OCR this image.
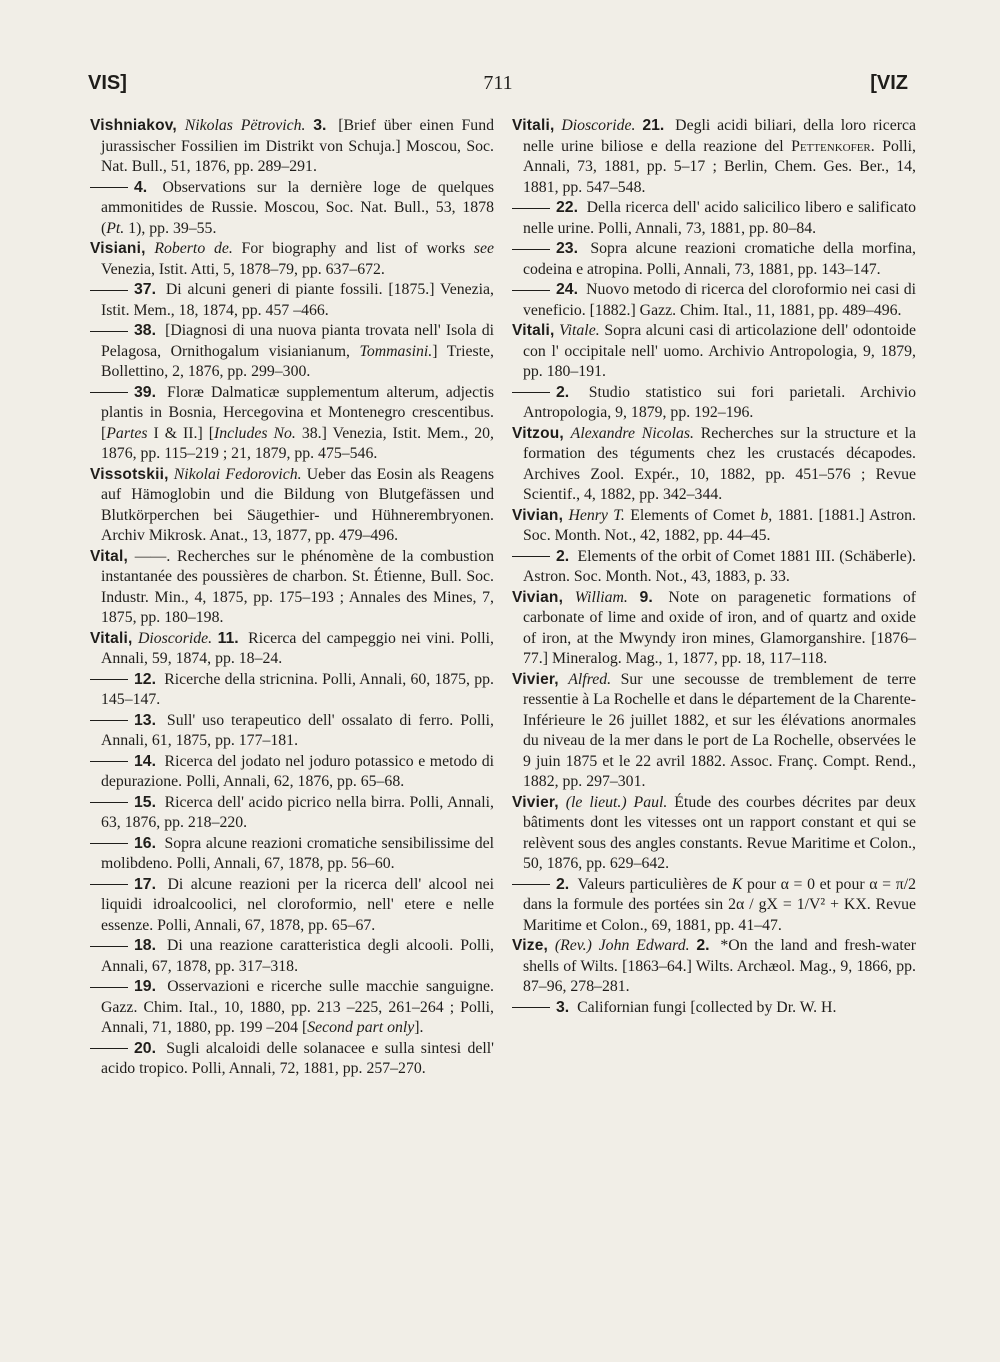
VIS]	711	[VIZ

Vishniakov, Nikolas Pëtrovich. 3. [Brief über einen Fund jurassischer Fossilien im Distrikt von Schuja.] Moscou, Soc. Nat. Bull., 51, 1876, pp. 289–291.

4. Observations sur la dernière loge de quelques ammonitides de Russie. Moscou, Soc. Nat. Bull., 53, 1878 (Pt. 1), pp. 39–55.

Visiani, Roberto de. For biography and list of works see Venezia, Istit. Atti, 5, 1878–79, pp. 637–672.

37. Di alcuni generi di piante fossili. [1875.] Venezia, Istit. Mem., 18, 1874, pp. 457 –466.

38. [Diagnosi di una nuova pianta trovata nell' Isola di Pelagosa, Ornithogalum visianianum, Tommasini.] Trieste, Bollettino, 2, 1876, pp. 299–300.

39. Floræ Dalmaticæ supplementum alterum, adjectis plantis in Bosnia, Hercegovina et Montenegro crescentibus. [Partes I & II.] [Includes No. 38.] Venezia, Istit. Mem., 20, 1876, pp. 115–219 ; 21, 1879, pp. 475–546.

Vissotskii, Nikolai Fedorovich. Ueber das Eosin als Reagens auf Hämoglobin und die Bildung von Blutgefässen und Blutkörperchen bei Säugethier- und Hühnerembryonen. Archiv Mikrosk. Anat., 13, 1877, pp. 479–496.

Vital, ——. Recherches sur le phénomène de la combustion instantanée des poussières de charbon. St. Étienne, Bull. Soc. Industr. Min., 4, 1875, pp. 175–193 ; Annales des Mines, 7, 1875, pp. 180–198.

Vitali, Dioscoride. 11. Ricerca del campeggio nei vini. Polli, Annali, 59, 1874, pp. 18–24.

12. Ricerche della stricnina. Polli, Annali, 60, 1875, pp. 145–147.

13. Sull' uso terapeutico dell' ossalato di ferro. Polli, Annali, 61, 1875, pp. 177–181.

14. Ricerca del jodato nel joduro potassico e metodo di depurazione. Polli, Annali, 62, 1876, pp. 65–68.

15. Ricerca dell' acido picrico nella birra. Polli, Annali, 63, 1876, pp. 218–220.

16. Sopra alcune reazioni cromatiche sensibilissime del molibdeno. Polli, Annali, 67, 1878, pp. 56–60.

17. Di alcune reazioni per la ricerca dell' alcool nei liquidi idroalcoolici, nel cloroformio, nell' etere e nelle essenze. Polli, Annali, 67, 1878, pp. 65–67.

18. Di una reazione caratteristica degli alcooli. Polli, Annali, 67, 1878, pp. 317–318.

19. Osservazioni e ricerche sulle macchie sanguigne. Gazz. Chim. Ital., 10, 1880, pp. 213 –225, 261–264 ; Polli, Annali, 71, 1880, pp. 199 –204 [Second part only].

20. Sugli alcaloidi delle solanacee e sulla sintesi dell' acido tropico. Polli, Annali, 72, 1881, pp. 257–270.

Vitali, Dioscoride. 21. Degli acidi biliari, della loro ricerca nelle urine biliose e della reazione del Pettenkofer. Polli, Annali, 73, 1881, pp. 5–17 ; Berlin, Chem. Ges. Ber., 14, 1881, pp. 547–548.

22. Della ricerca dell' acido salicilico libero e salificato nelle urine. Polli, Annali, 73, 1881, pp. 80–84.

23. Sopra alcune reazioni cromatiche della morfina, codeina e atropina. Polli, Annali, 73, 1881, pp. 143–147.

24. Nuovo metodo di ricerca del cloroformio nei casi di veneficio. [1882.] Gazz. Chim. Ital., 11, 1881, pp. 489–496.

Vitali, Vitale. Sopra alcuni casi di articolazione dell' odontoide con l' occipitale nell' uomo. Archivio Antropologia, 9, 1879, pp. 180–191.

2. Studio statistico sui fori parietali. Archivio Antropologia, 9, 1879, pp. 192–196.

Vitzou, Alexandre Nicolas. Recherches sur la structure et la formation des téguments chez les crustacés décapodes. Archives Zool. Expér., 10, 1882, pp. 451–576 ; Revue Scientif., 4, 1882, pp. 342–344.

Vivian, Henry T. Elements of Comet b, 1881. [1881.] Astron. Soc. Month. Not., 42, 1882, pp. 44–45.

2. Elements of the orbit of Comet 1881 III. (Schäberle). Astron. Soc. Month. Not., 43, 1883, p. 33.

Vivian, William. 9. Note on paragenetic formations of carbonate of lime and oxide of iron, and of quartz and oxide of iron, at the Mwyndy iron mines, Glamorganshire. [1876–77.] Mineralog. Mag., 1, 1877, pp. 18, 117–118.

Vivier, Alfred. Sur une secousse de tremblement de terre ressentie à La Rochelle et dans le département de la Charente-Inférieure le 26 juillet 1882, et sur les élévations anormales du niveau de la mer dans le port de La Rochelle, observées le 9 juin 1875 et le 22 avril 1882. Assoc. Franç. Compt. Rend., 1882, pp. 297–301.

Vivier, (le lieut.) Paul. Étude des courbes décrites par deux bâtiments dont les vitesses ont un rapport constant et qui se relèvent sous des angles constants. Revue Maritime et Colon., 50, 1876, pp. 629–642.

2. Valeurs particulières de K pour α = 0 et pour α = π/2 dans la formule des portées sin 2α / gX = 1/V² + KX. Revue Maritime et Colon., 69, 1881, pp. 41–47.

Vize, (Rev.) John Edward. 2. *On the land and fresh-water shells of Wilts. [1863–64.] Wilts. Archæol. Mag., 9, 1866, pp. 87–96, 278–281.

3. Californian fungi [collected by Dr. W. H.
